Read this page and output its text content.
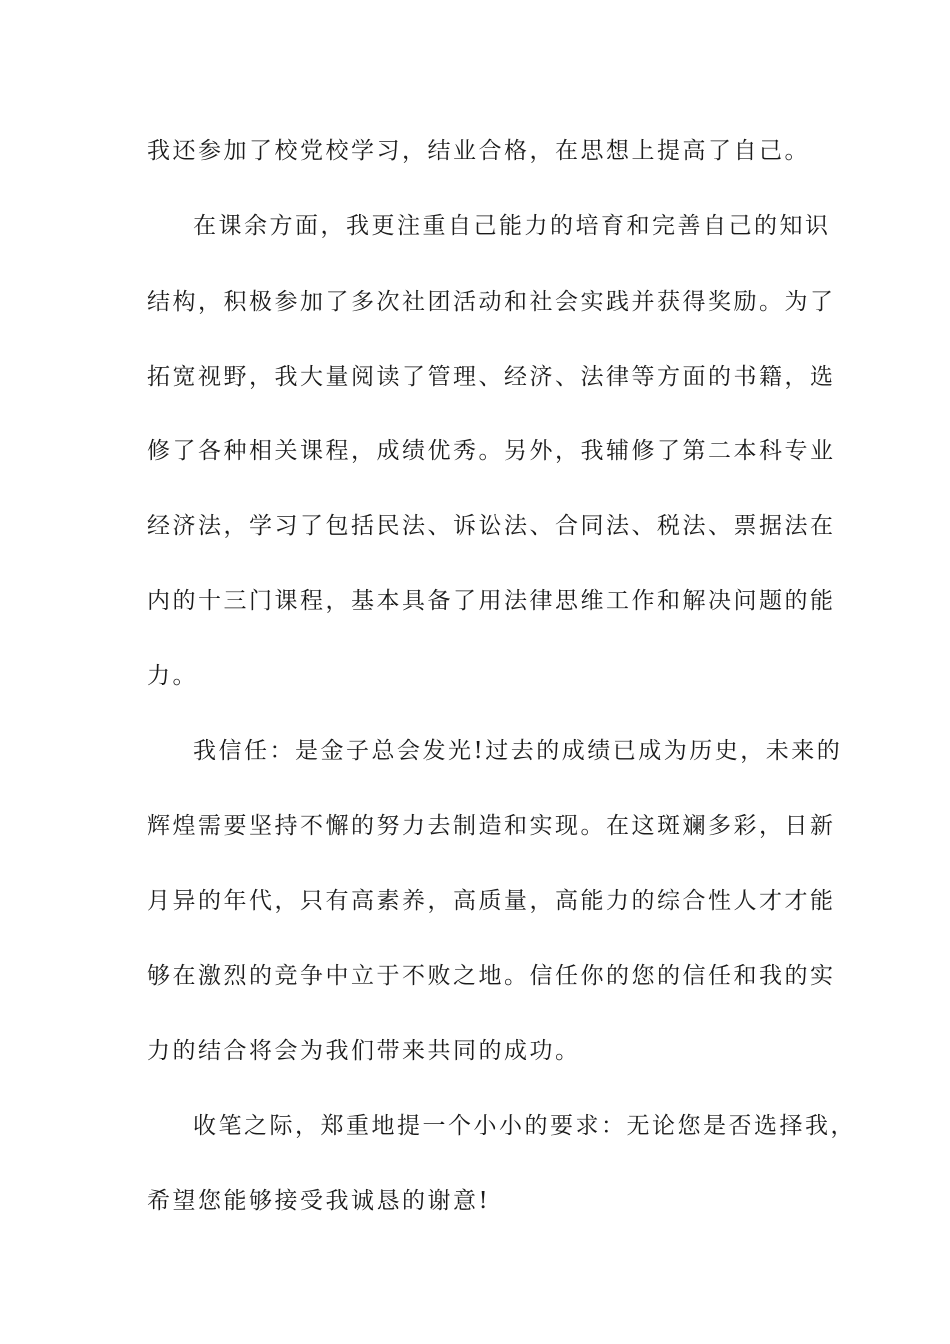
我还参加了校党校学习，结业合格，在思想上提高了自己。
在课余方面，我更注重自己能力的培育和完善自己的知识
结构，积极参加了多次社团活动和社会实践并获得奖励。为了
拓宽视野，我大量阅读了管理、经济、法律等方面的书籍，选
修了各种相关课程，成绩优秀。另外，我辅修了第二本科专业
经济法，学习了包括民法、诉讼法、合同法、税法、票据法在
内的十三门课程，基本具备了用法律思维工作和解决问题的能
力。
我信任：是金子总会发光!过去的成绩已成为历史，未来的
辉煌需要坚持不懈的努力去制造和实现。在这斑斓多彩，日新
月异的年代，只有高素养，高质量，高能力的综合性人才才能
够在激烈的竞争中立于不败之地。信任你的您的信任和我的实
力的结合将会为我们带来共同的成功。
收笔之际，郑重地提一个小小的要求：无论您是否选择我，
希望您能够接受我诚恳的谢意!
